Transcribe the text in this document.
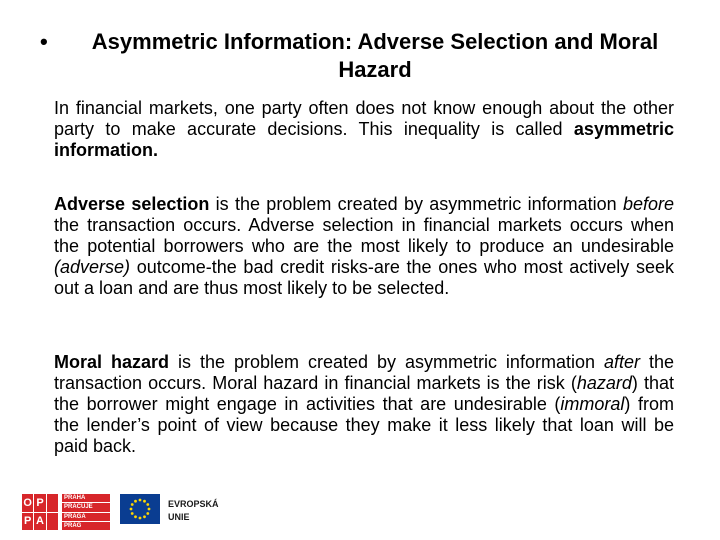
•	Asymmetric Information: Adverse Selection and Moral Hazard
In financial markets, one party often does not know enough about the other party to make accurate decisions. This inequality is called asymmetric information.
Adverse selection is the problem created by asymmetric information before the transaction occurs. Adverse selection in financial markets occurs when the potential borrowers who are the most likely to produce an undesirable (adverse) outcome-the bad credit risks-are the ones who most actively seek out a loan and are thus most likely to be selected.
Moral hazard is the problem created by asymmetric information after the transaction occurs. Moral hazard in financial markets is the risk (hazard) that the borrower might engage in activities that are undesirable (immoral) from the lender’s point of view because they make it less likely that loan will be paid back.
O P
P A
PRAHA
PRACUJE
PRAGA
PRAG
EVROPSKÁ
UNIE
